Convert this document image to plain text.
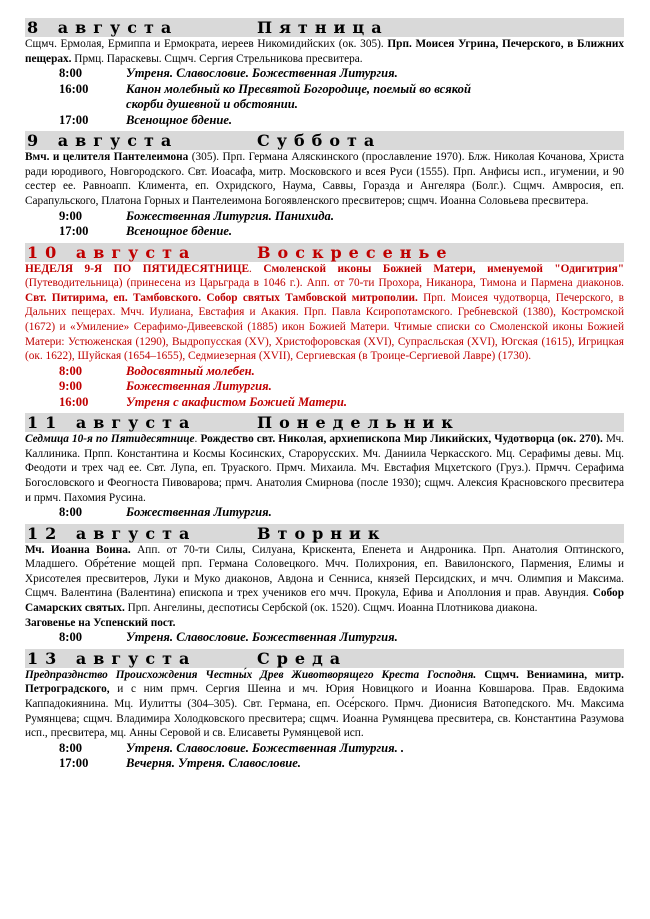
8 августа	Пятница

Сщмч. Ермолая, Ермиппа и Ермократа, иереев Никомидийских (ок. 305). Прп. Моисея Угрина, Печерского, в Ближних пещерах. Прмц. Параскевы. Сщмч. Сергия Стрельникова пресвитера.

8:00	Утреня. Славословие. Божественная Литургия.
16:00	Канон молебный ко Пресвятой Богородице, поемый во всякой скорби душевной и обстоянии.
17:00	Всенощное бдение.
9 августа	Суббота

Вмч. и целителя Пантелеимона (305). Прп. Германа Аляскинского (прославление 1970). Блж. Николая Кочанова, Христа ради юродивого, Новгородского. Свт. Иоасафа, митр. Московского и всея Руси (1555). Прп. Анфисы исп., игумении, и 90 сестер ее. Равноапп. Климента, еп. Охридского, Наума, Саввы, Горазда и Ангеляра (Болг.). Сщмч. Амвросия, еп. Сарапульского, Платона Горных и Пантелеимона Богоявленского пресвитеров; сщмч. Иоанна Соловьева пресвитера.

9:00	Божественная Литургия. Панихида.
17:00	Всенощное бдение.
10 августа	Воскресенье

НЕДЕЛЯ 9-Я ПО ПЯТИДЕСЯТНИЦЕ. Смоленской иконы Божией Матери, именуемой "Одигитрия" (Путеводительница) (принесена из Царьграда в 1046 г.). Апп. от 70-ти Прохора, Никанора, Тимона и Пармена диаконов. Свт. Питирима, еп. Тамбовского. Собор святых Тамбовской митрополии. Прп. Моисея чудотворца, Печерского, в Дальних пещерах. Мчч. Иулиана, Евстафия и Акакия. Прп. Павла Ксиропотамского. Гребневской (1380), Костромской (1672) и «Умиление» Серафимо-Дивеевской (1885) икон Божией Матери. Чтимые списки со Смоленской иконы Божией Матери: Устюженская (1290), Выдропусская (XV), Христофоровская (XVI), Супрасльская (XVI), Югская (1615), Игрицкая (ок. 1622), Шуйская (1654–1655), Седмиезерная (XVII), Сергиевская (в Троице-Сергиевой Лавре) (1730).

8:00	Водосвятный молебен.
9:00	Божественная Литургия.
16:00	Утреня с акафистом Божией Матери.
11 августа	Понедельник

Седмица 10-я по Пятидесятнице. Рождество свт. Николая, архиепископа Мир Ликийских, Чудотворца (ок. 270). Мч. Каллиника. Прпп. Константина и Космы Косинских, Старорусских. Мч. Даниила Черкасского. Мц. Серафимы девы. Мц. Феодоти и трех чад ее. Свт. Лупа, еп. Труаского. Прмч. Михаила. Мч. Евстафия Мцхетского (Груз.). Прмчч. Серафима Богословского и Феогноста Пивоварова; прмч. Анатолия Смирнова (после 1930); сщмч. Алексия Красновского пресвитера и прмч. Пахомия Русина.

8:00	Божественная Литургия.
12 августа	Вторник

Мч. Иоанна Воина. Апп. от 70-ти Силы, Силуана, Крискента, Епенета и Андроника. Прп. Анатолия Оптинского, Младшего. Обре́тение мощей прп. Германа Соловецкого. Мчч. Полихрония, еп. Вавилонского, Пармения, Елимы и Хрисотелея пресвитеров, Луки и Муко диаконов, Авдона и Сенниса, князей Персидских, и мчч. Олимпия и Максима. Сщмч. Валентина (Валентина) епископа и трех учеников его мчч. Прокула, Ефива и Аполлония и прав. Авундия. Собор Самарских святых. Прп. Ангелины, деспотисы Сербской (ок. 1520). Сщмч. Иоанна Плотникова диакона.

Заговенье на Успенский пост.

8:00	Утреня. Славословие. Божественная Литургия.
13 августа	Среда

Предпразднство Происхождения Честны́х Древ Животворящего Креста Господня. Сщмч. Вениамина, митр. Петроградского, и с ним прмч. Сергия Шеина и мч. Юрия Новицкого и Иоанна Ковшарова. Прав. Евдокима Каппадокиянина. Мц. Иулитты (304–305). Свт. Германа, еп. Осе́рского. Прмч. Дионисия Ватопедского. Мч. Максима Румянцева; сщмч. Владимира Холодковского пресвитера; сщмч. Иоанна Румянцева пресвитера, св. Константина Разумова исп., пресвитера, мц. Анны Серовой и св. Елисаветы Румянцевой исп.

8:00	Утреня. Славословие. Божественная Литургия. .
17:00	Вечерня. Утреня. Славословие.
